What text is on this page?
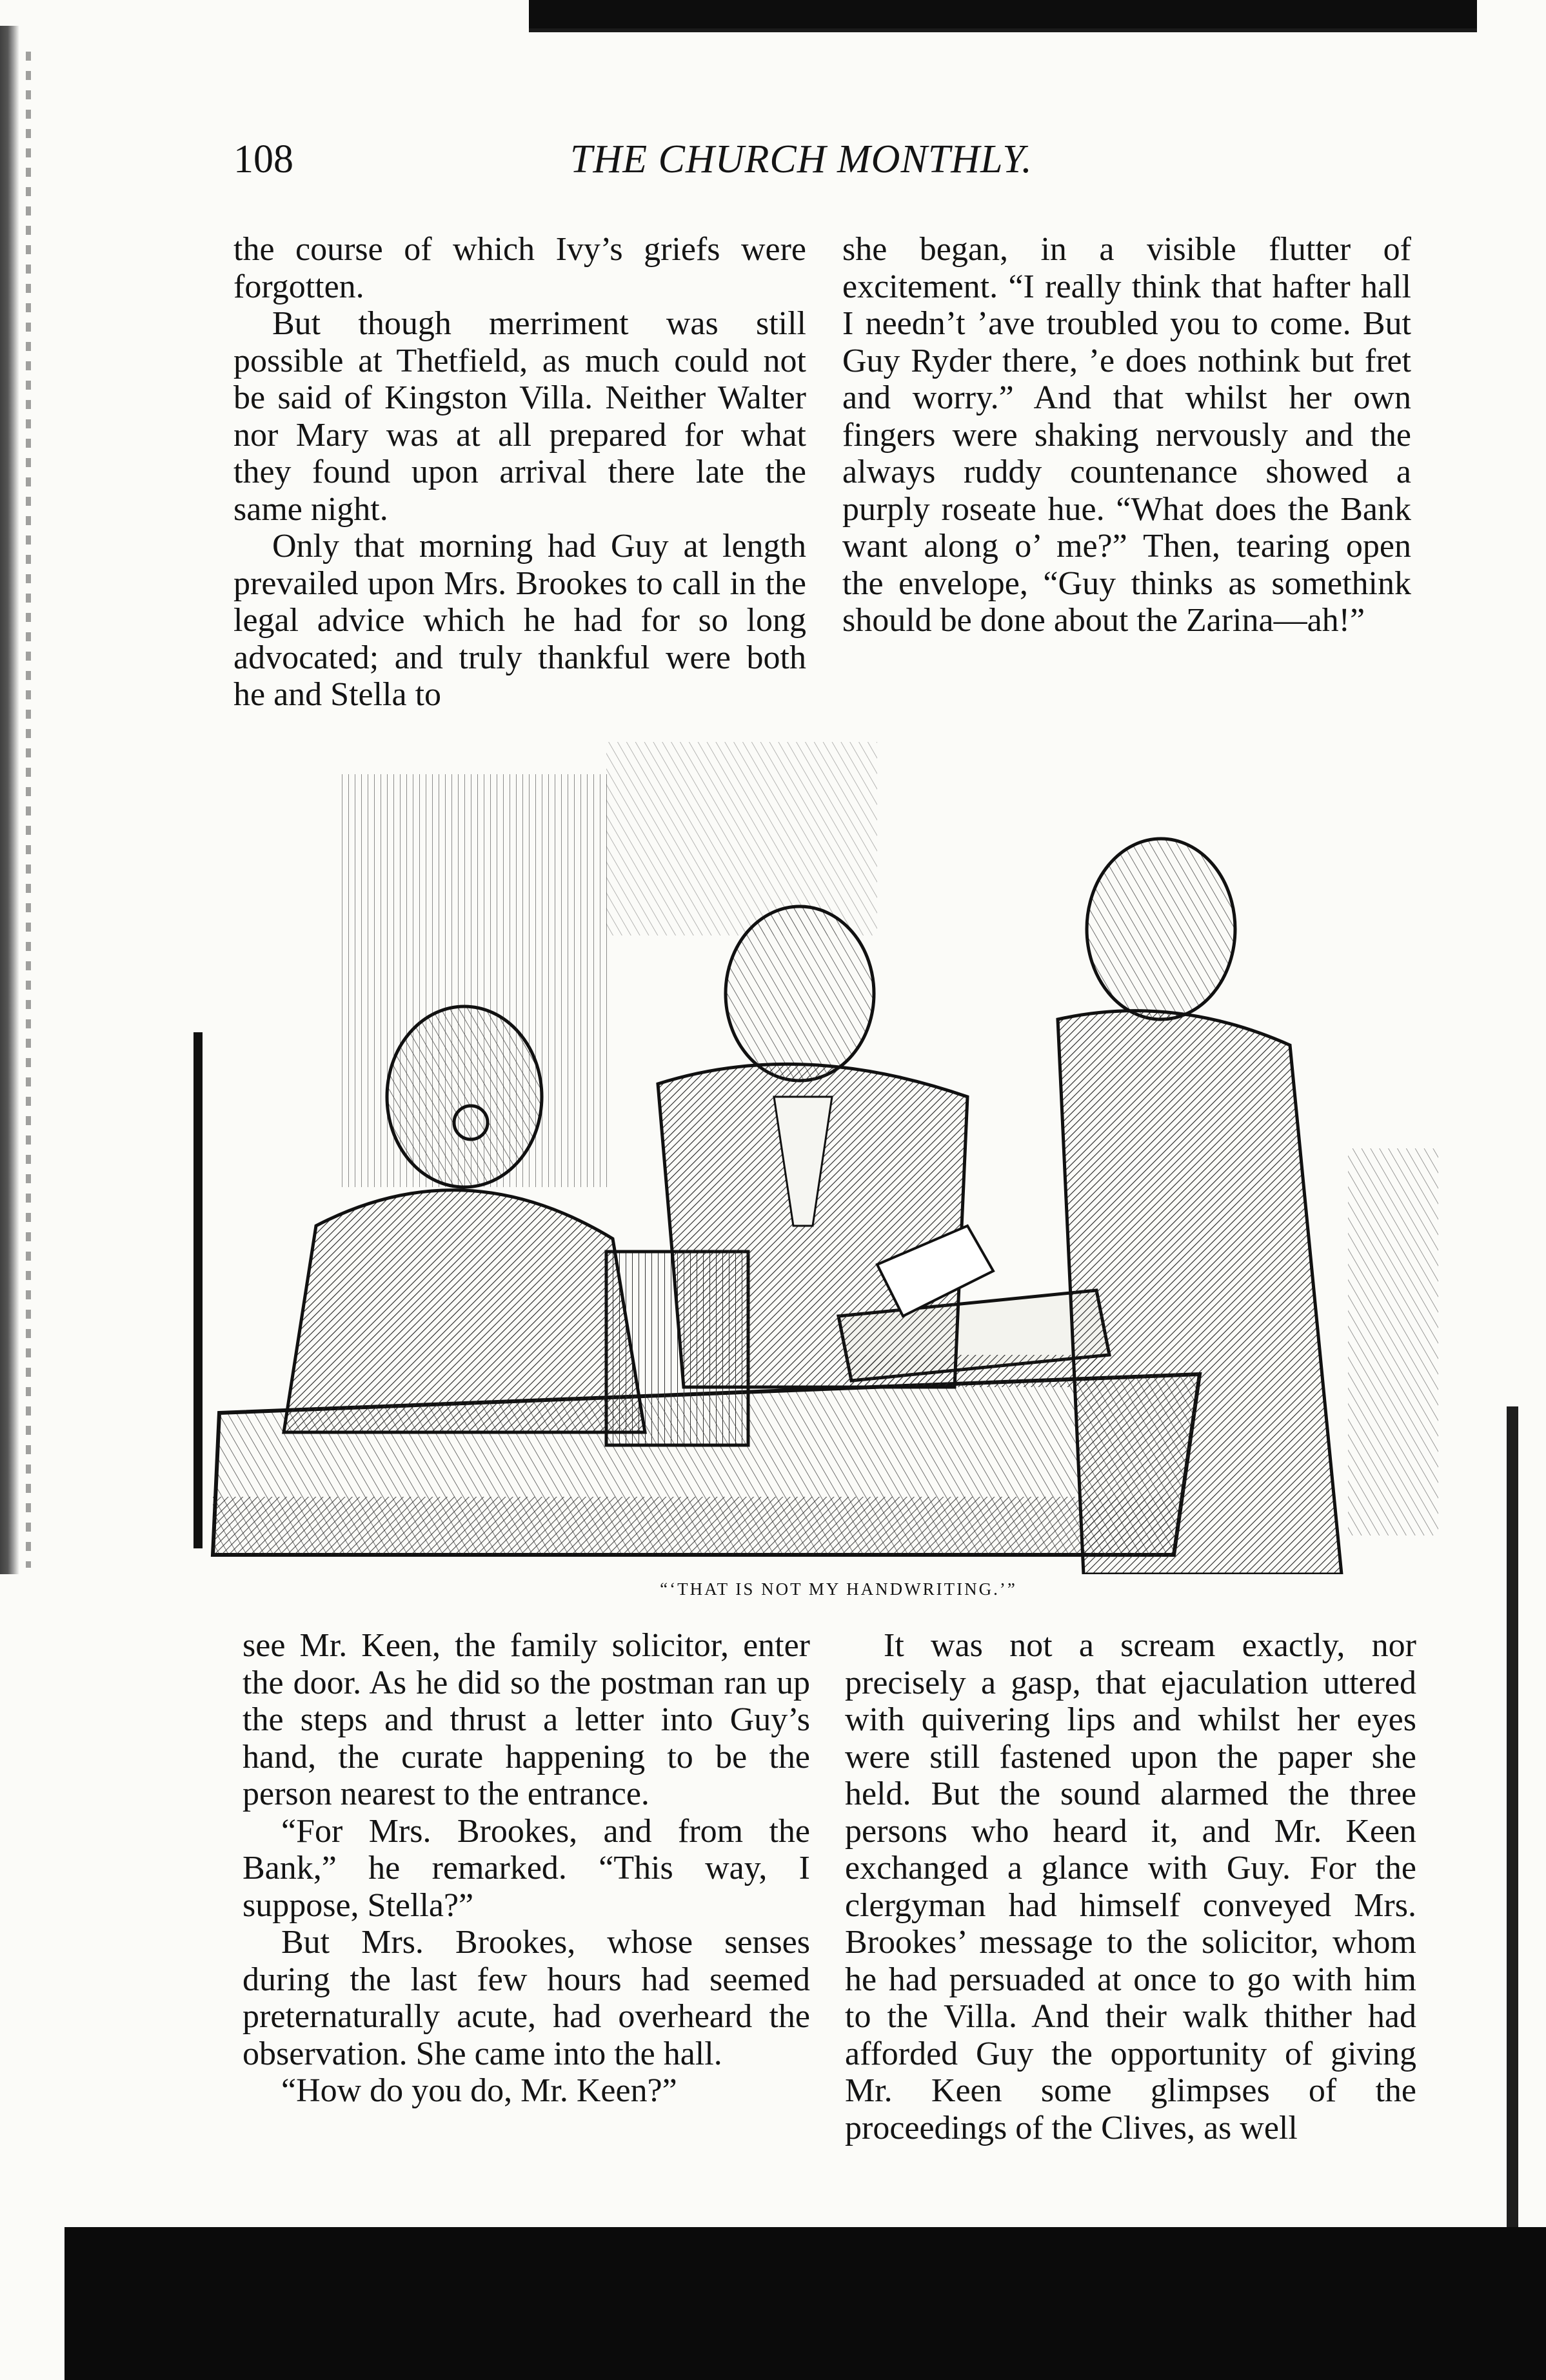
108	THE CHURCH MONTHLY.

the course of which Ivy’s griefs were forgotten.

But though merriment was still possible at Thetfield, as much could not be said of Kingston Villa. Neither Walter nor Mary was at all prepared for what they found upon arrival there late the same night.

Only that morning had Guy at length prevailed upon Mrs. Brookes to call in the legal advice which he had for so long advocated; and truly thankful were both he and Stella to

she began, in a visible flutter of excitement. “I really think that hafter hall I needn’t ’ave troubled you to come. But Guy Ryder there, ’e does nothink but fret and worry.” And that whilst her own fingers were shaking nervously and the always ruddy countenance showed a purply roseate hue. “What does the Bank want along o’ me?” Then, tearing open the envelope, “Guy thinks as somethink should be done about the Zarina—ah!”

“‘THAT IS NOT MY HANDWRITING.’”

see Mr. Keen, the family solicitor, enter the door. As he did so the postman ran up the steps and thrust a letter into Guy’s hand, the curate happening to be the person nearest to the entrance.

“For Mrs. Brookes, and from the Bank,” he remarked. “This way, I suppose, Stella?”

But Mrs. Brookes, whose senses during the last few hours had seemed preternaturally acute, had overheard the observation. She came into the hall.

“How do you do, Mr. Keen?”

It was not a scream exactly, nor precisely a gasp, that ejaculation uttered with quivering lips and whilst her eyes were still fastened upon the paper she held. But the sound alarmed the three persons who heard it, and Mr. Keen exchanged a glance with Guy. For the clergyman had himself conveyed Mrs. Brookes’ message to the solicitor, whom he had persuaded at once to go with him to the Villa. And their walk thither had afforded Guy the opportunity of giving Mr. Keen some glimpses of the proceedings of the Clives, as well
